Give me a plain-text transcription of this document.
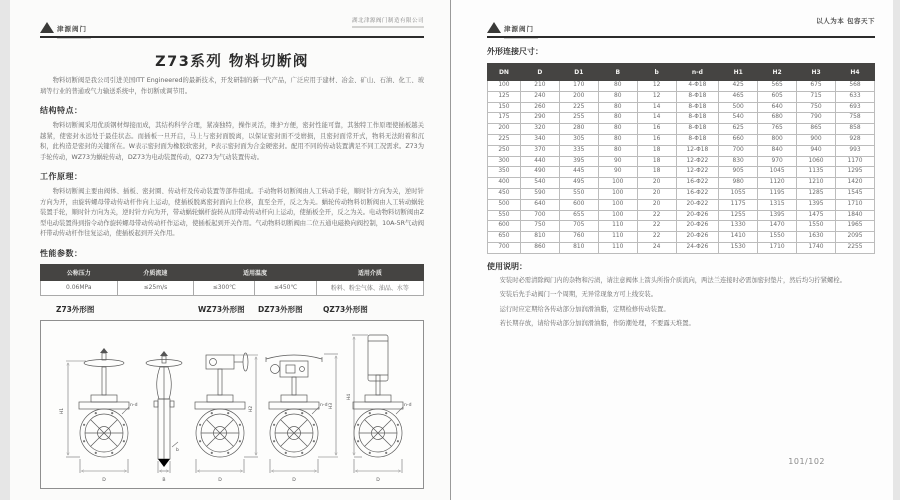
津源阀门
湖北津源阀门制造有限公司
Z73系列 物料切断阀

物料切断阀是我公司引进美国ITT Engineered的最新技术，开发研制的新一代产品，广泛应用于建材、冶金、矿山、石油、化工、玻璃等行业的普通或气力输送系统中，作切断或调节用。

结构特点：

物料切断阀采用优质钢材焊接而成，其结构科学合理，紧凑独特，操作灵活，维护方便，密封性能可靠，其独特工作原理使插板越关越紧，使密封永远处于最佳状态。而插板一旦开启，马上与密封面脱离，以保证密封面不受磨损，且密封面常开式，物料无法附着和沉积，此构造是密封的关键所在。W表示密封面为橡胶软密封，P表示密封面为合金硬密封。配用不同的传动装置满足不同工况需求。Z73为手轮传动，WZ73为蜗轮传动，DZ73为电动装置传动，QZ73为气动装置传动。

工作原理：

物料切断阀主要由阀体、插板、密封圈、传动杆及传动装置等部件组成。手动物料切断阀由人工转动手轮，顺时针方向为关，逆时针方向为开，由旋转螺母带动传动杆作向上运动，使插板脱离密封面向上位移，直至全开，反之为关。蜗轮传动物料切断阀由人工转动蜗轮装置手轮，顺时针方向为关，逆时针方向为开，带动蜗轮蜗杆旋转从而带动传动杆向上运动，使插板全开，反之为关。电动物料切断阀由Z型电动装置得到指令动作旋转螺母带动传动杆作运动，使插板起到开关作用。气动物料切断阀由二位五通电磁换向阀控制，10A-5R气动阀杆带动传动杆作往复运动，使插板起到开关作用。

性能参数：
公称压力	介质流速	适用温度		适用介质
0.06MPa	≤25m/s	≤300℃	≤450℃	粉料、粉尘气体、油品、水等
Z73外形图	WZ73外形图 DZ73外形图	QZ73外形图
H1
D
n-d
B
b
H2
D
H3
D
n-d
H4
D
n-d
津源阀门
以人为本 包容天下
外形连接尺寸：
DN	D	D1	B	b	n-d	H1	H2	H3	H4
100	210	170	80	12	4-Φ18	425	565	675	568
125	240	200	80	12	8-Φ18	465	605	715	633
150	260	225	80	14	8-Φ18	500	640	750	693
175	290	255	80	14	8-Φ18	540	680	790	758
200	320	280	80	16	8-Φ18	625	765	865	858
225	340	305	80	16	8-Φ18	660	800	900	928
250	370	335	80	18	12-Φ18	700	840	940	993
300	440	395	90	18	12-Φ22	830	970	1060	1170
350	490	445	90	18	12-Φ22	905	1045	1135	1295
400	540	495	100	20	16-Φ22	980	1120	1210	1420
450	590	550	100	20	16-Φ22	1055	1195	1285	1545
500	640	600	100	20	20-Φ22	1175	1315	1395	1710
550	700	655	100	22	20-Φ26	1255	1395	1475	1840
600	750	705	110	22	20-Φ26	1330	1470	1550	1965
650	810	760	110	22	20-Φ26	1410	1550	1630	2095
700	860	810	110	24	24-Φ26	1530	1710	1740	2255
使用说明：

安装时必需清除阀门内的杂物和污渍，请注意阀体上箭头所指介质流向，两法兰连接时必需加密封垫片，然后均匀拧紧螺栓。

安装后先手动阀门一个周期，无异常现象方可上线安装。

运行时应定期给各传动部分加润滑油脂，定期检修传动装置。

若长期存放，请给传动部分加润滑油脂，作防潮处理，不要露天堆置。

101/102
